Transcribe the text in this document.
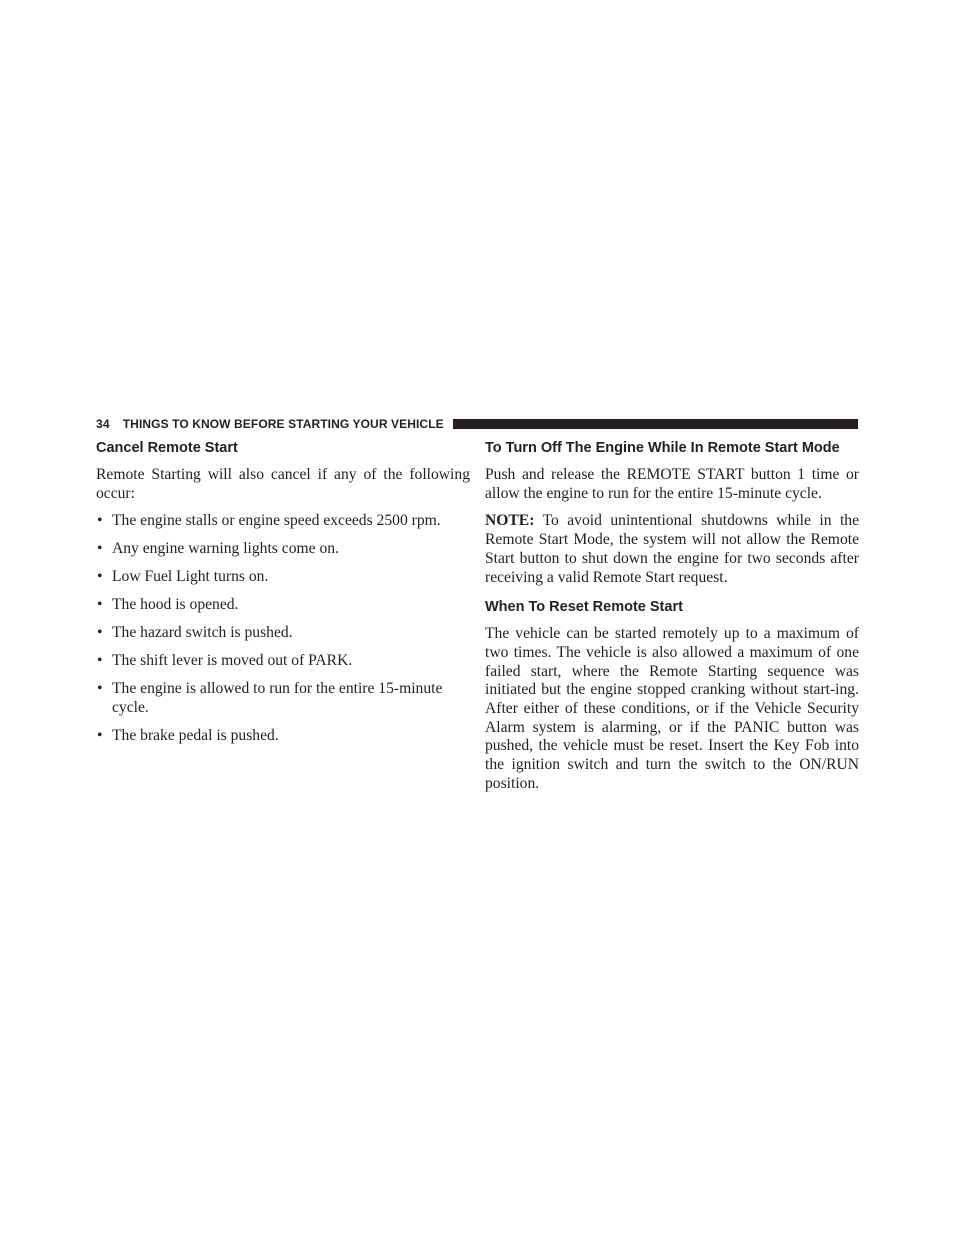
34 THINGS TO KNOW BEFORE STARTING YOUR VEHICLE
Cancel Remote Start

Remote Starting will also cancel if any of the following occur:

• The engine stalls or engine speed exceeds 2500 rpm.
• Any engine warning lights come on.
• Low Fuel Light turns on.
• The hood is opened.
• The hazard switch is pushed.
• The shift lever is moved out of PARK.
• The engine is allowed to run for the entire 15-minute cycle.
• The brake pedal is pushed.
To Turn Off The Engine While In Remote Start Mode

Push and release the REMOTE START button 1 time or allow the engine to run for the entire 15-minute cycle.

NOTE: To avoid unintentional shutdowns while in the Remote Start Mode, the system will not allow the Remote Start button to shut down the engine for two seconds after receiving a valid Remote Start request.

When To Reset Remote Start

The vehicle can be started remotely up to a maximum of two times. The vehicle is also allowed a maximum of one failed start, where the Remote Starting sequence was initiated but the engine stopped cranking without start-ing. After either of these conditions, or if the Vehicle Security Alarm system is alarming, or if the PANIC button was pushed, the vehicle must be reset. Insert the Key Fob into the ignition switch and turn the switch to the ON/RUN position.
